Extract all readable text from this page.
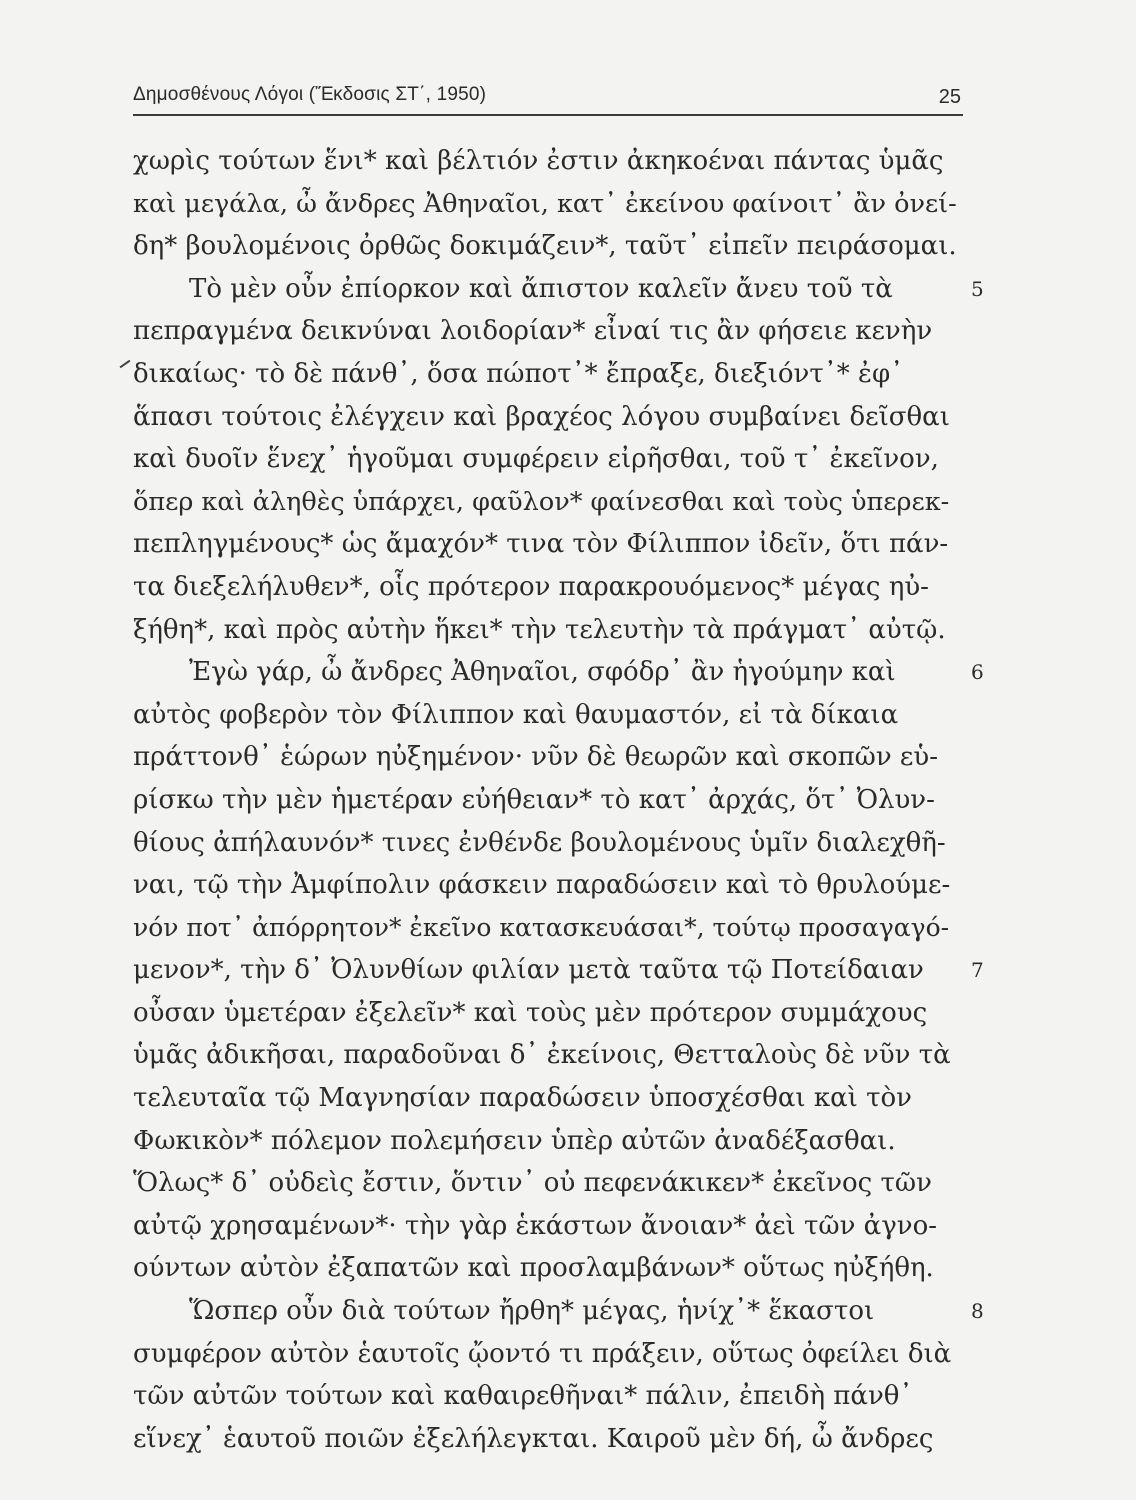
Δημοσθένους Λόγοι (Ἔκδοσις ΣΤ΄, 1950)	25
χωρὶς τούτων ἕνι* καὶ βέλτιόν ἐστιν ἀκηκοέναι πάντας ὑμᾶς
καὶ μεγάλα, ὦ ἄνδρες Ἀθηναῖοι, κατ᾿ ἐκείνου φαίνοιτ᾿ ἂν ὀνεί-
δη* βουλομένοις ὀρθῶς δοκιμάζειν*, ταῦτ᾿ εἰπεῖν πειράσομαι.
Τὸ μὲν οὖν ἐπίορκον καὶ ἄπιστον καλεῖν ἄνευ τοῦ τὰ	5
πεπραγμένα δεικνύναι λοιδορίαν* εἶναί τις ἂν φήσειε κενὴν
δικαίως· τὸ δὲ πάνθ᾿, ὅσα πώποτ᾿* ἔπραξε, διεξιόντ᾿* ἐφ᾿
ἅπασι τούτοις ἐλέγχειν καὶ βραχέος λόγου συμβαίνει δεῖσθαι
καὶ δυοῖν ἕνεχ᾿ ἡγοῦμαι συμφέρειν εἰρῆσθαι, τοῦ τ᾿ ἐκεῖνον,
ὅπερ καὶ ἀληθὲς ὑπάρχει, φαῦλον* φαίνεσθαι καὶ τοὺς ὑπερεκ-
πεπληγμένους* ὡς ἄμαχόν* τινα τὸν Φίλιππον ἰδεῖν, ὅτι πάν-
τα διεξελήλυθεν*, οἷς πρότερον παρακρουόμενος* μέγας ηὐ-
ξήθη*, καὶ πρὸς αὐτὴν ἥκει* τὴν τελευτὴν τὰ πράγματ᾿ αὐτῷ.
Ἐγὼ γάρ, ὦ ἄνδρες Ἀθηναῖοι, σφόδρ᾿ ἂν ἡγούμην καὶ	6
αὐτὸς φοβερὸν τὸν Φίλιππον καὶ θαυμαστόν, εἰ τὰ δίκαια
πράττονθ᾿ ἑώρων ηὐξημένον· νῦν δὲ θεωρῶν καὶ σκοπῶν εὑ-
ρίσκω τὴν μὲν ἡμετέραν εὐήθειαν* τὸ κατ᾿ ἀρχάς, ὅτ᾿ Ὀλυν-
θίους ἀπήλαυνόν* τινες ἐνθένδε βουλομένους ὑμῖν διαλεχθῆ-
ναι, τῷ τὴν Ἀμφίπολιν φάσκειν παραδώσειν καὶ τὸ θρυλούμε-
νόν ποτ᾿ ἀπόρρητον* ἐκεῖνο κατασκευάσαι*, τούτῳ προσαγαγό-
μενον*, τὴν δ᾿ Ὀλυνθίων φιλίαν μετὰ ταῦτα τῷ Ποτείδαιαν 7
οὖσαν ὑμετέραν ἐξελεῖν* καὶ τοὺς μὲν πρότερον συμμάχους
ὑμᾶς ἀδικῆσαι, παραδοῦναι δ᾿ ἐκείνοις, Θετταλοὺς δὲ νῦν τὰ
τελευταῖα τῷ Μαγνησίαν παραδώσειν ὑποσχέσθαι καὶ τὸν
Φωκικὸν* πόλεμον πολεμήσειν ὑπὲρ αὐτῶν ἀναδέξασθαι.
Ὅλως* δ᾿ οὐδεὶς ἔστιν, ὅντιν᾿ οὐ πεφενάκικεν* ἐκεῖνος τῶν
αὐτῷ χρησαμένων*· τὴν γὰρ ἑκάστων ἄνοιαν* ἀεὶ τῶν ἀγνο-
ούντων αὐτὸν ἐξαπατῶν καὶ προσλαμβάνων* οὕτως ηὐξήθη.
Ὥσπερ οὖν διὰ τούτων ἤρθη* μέγας, ἡνίχ᾿* ἕκαστοι	8
συμφέρον αὐτὸν ἑαυτοῖς ᾤοντό τι πράξειν, οὕτως ὀφείλει διὰ
τῶν αὐτῶν τούτων καὶ καθαιρεθῆναι* πάλιν, ἐπειδὴ πάνθ᾿
εἵνεχ᾿ ἑαυτοῦ ποιῶν ἐξελήλεγκται. Καιροῦ μὲν δή, ὦ ἄνδρες
